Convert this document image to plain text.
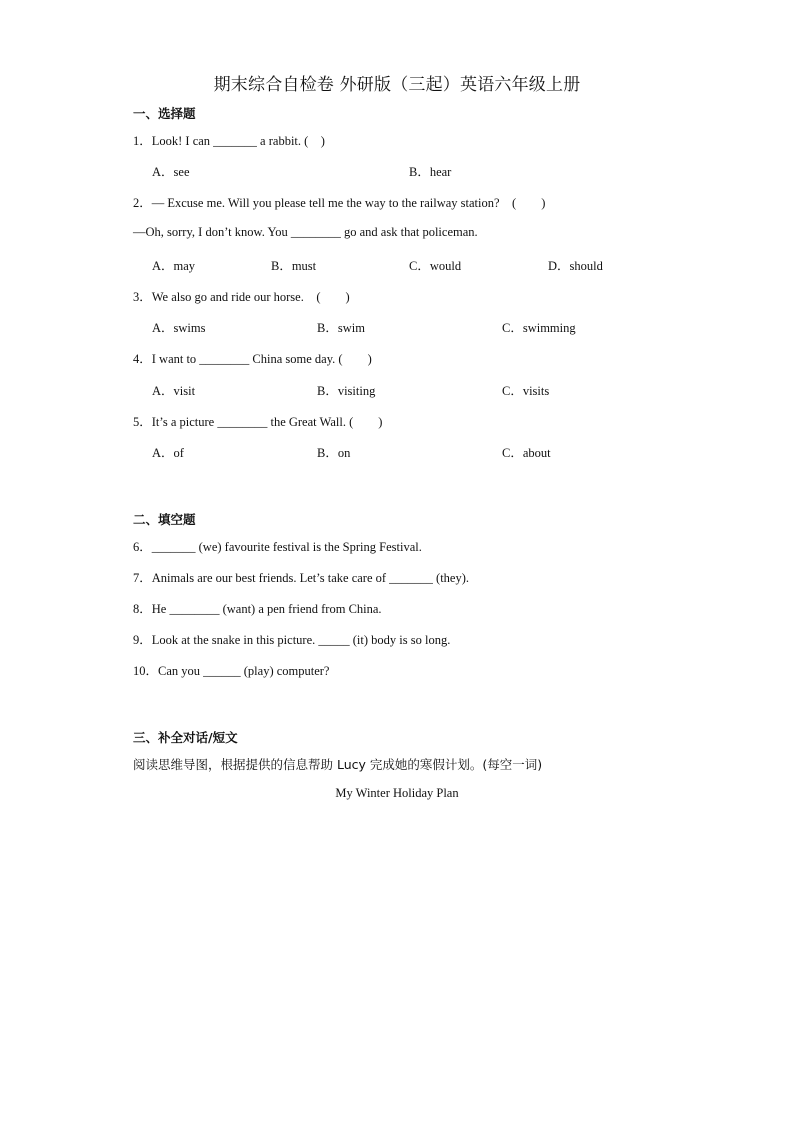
期末综合自检卷 外研版（三起）英语六年级上册
一、选择题
1．Look! I can _______ a rabbit. (　)
A．see	B．hear
2．— Excuse me. Will you please tell me the way to the railway station?　(　　)
—Oh, sorry, I don’t know. You ________ go and ask that policeman.
A．may	B．must	C．would	D．should
3．We also go and ride our horse.　(　　)
A．swims	B．swim	C．swimming
4．I want to ________ China some day. (　　)
A．visit	B．visiting	C．visits
5．It’s a picture ________ the Great Wall. (　　)
A．of	B．on	C．about
二、填空题
6．_______ (we) favourite festival is the Spring Festival.
7．Animals are our best friends. Let’s take care of _______ (they).
8．He ________ (want) a pen friend from China.
9．Look at the snake in this picture. _____ (it) body is so long.
10．Can you ______ (play) computer?
三、补全对话/短文
阅读思维导图，根据提供的信息帮助 Lucy 完成她的寒假计划。(每空一词)
My Winter Holiday Plan
